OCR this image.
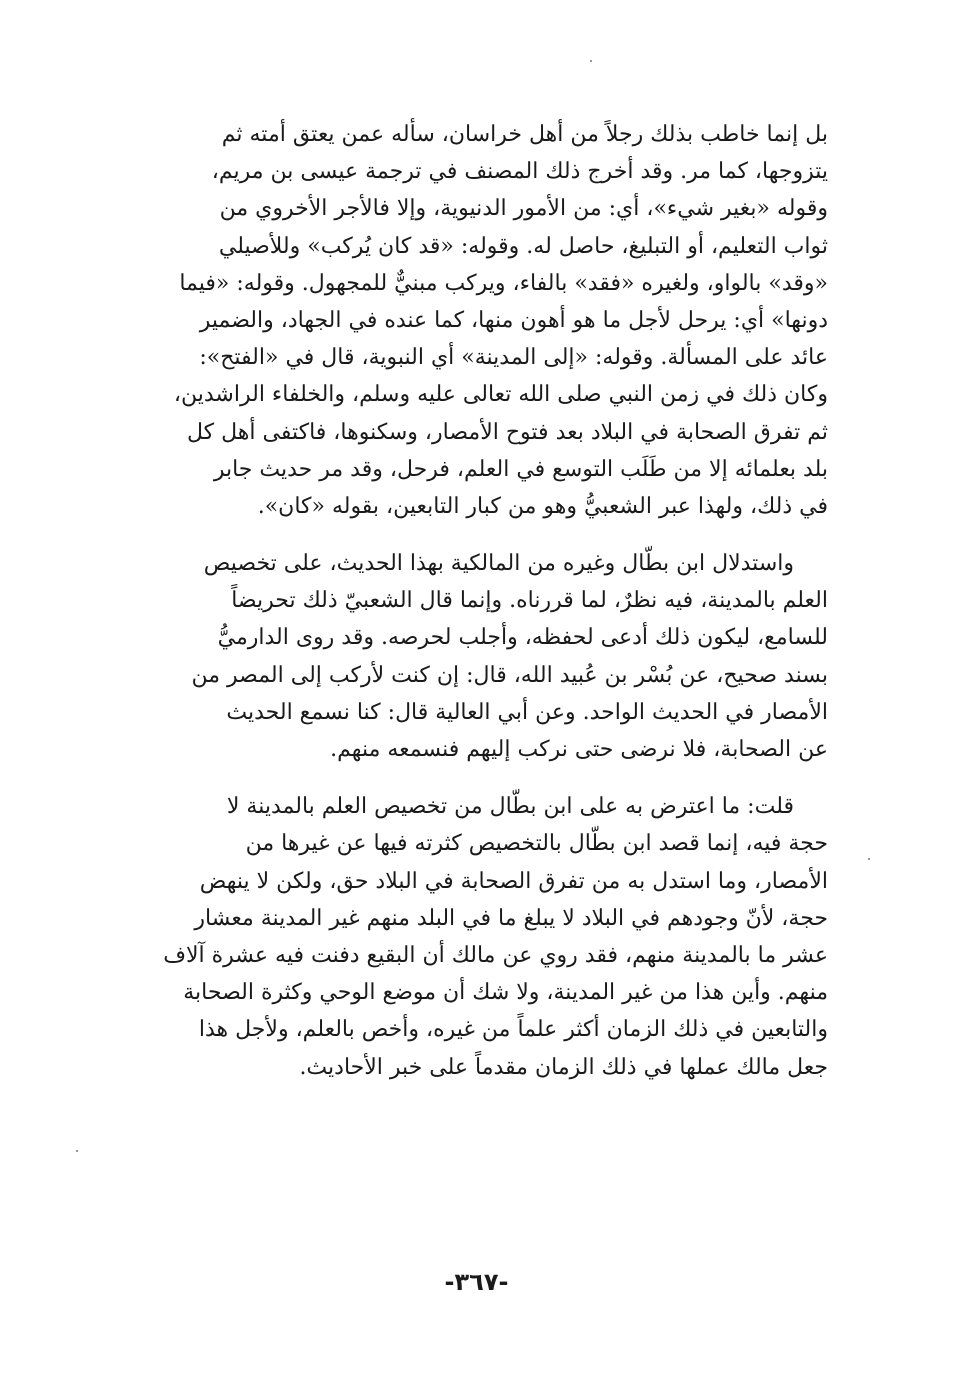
بل إنما خاطب بذلك رجلاً من أهل خراسان، سأله عمن يعتق أمته ثم
يتزوجها، كما مر. وقد أخرج ذلك المصنف في ترجمة عيسى بن مريم،
وقوله «بغير شيء»، أي: من الأمور الدنيوية، وإلا فالأجر الأخروي من
ثواب التعليم، أو التبليغ، حاصل له. وقوله: «قد كان يُركب» وللأصيلي
«وقد» بالواو، ولغيره «فقد» بالفاء، ويركب مبنيٌّ للمجهول. وقوله: «فيما
دونها» أي: يرحل لأجل ما هو أهون منها، كما عنده في الجهاد، والضمير
عائد على المسألة. وقوله: «إلى المدينة» أي النبوية، قال في «الفتح»:
وكان ذلك في زمن النبي صلى الله تعالى عليه وسلم، والخلفاء الراشدين،
ثم تفرق الصحابة في البلاد بعد فتوح الأمصار، وسكنوها، فاكتفى أهل كل
بلد بعلمائه إلا من طَلَب التوسع في العلم، فرحل، وقد مر حديث جابر
في ذلك، ولهذا عبر الشعبيُّ وهو من كبار التابعين، بقوله «كان».
واستدلال ابن بطّال وغيره من المالكية بهذا الحديث، على تخصيص
العلم بالمدينة، فيه نظرٌ، لما قررناه. وإنما قال الشعبيّ ذلك تحريضاً
للسامع، ليكون ذلك أدعى لحفظه، وأجلب لحرصه. وقد روى الدارميُّ
بسند صحيح، عن بُسْر بن عُبيد الله، قال: إن كنت لأركب إلى المصر من
الأمصار في الحديث الواحد. وعن أبي العالية قال: كنا نسمع الحديث
عن الصحابة، فلا نرضى حتى نركب إليهم فنسمعه منهم.
قلت: ما اعترض به على ابن بطّال من تخصيص العلم بالمدينة لا
حجة فيه، إنما قصد ابن بطّال بالتخصيص كثرته فيها عن غيرها من
الأمصار، وما استدل به من تفرق الصحابة في البلاد حق، ولكن لا ينهض
حجة، لأنّ وجودهم في البلاد لا يبلغ ما في البلد منهم غير المدينة معشار
عشر ما بالمدينة منهم، فقد روي عن مالك أن البقيع دفنت فيه عشرة آلاف
منهم. وأين هذا من غير المدينة، ولا شك أن موضع الوحي وكثرة الصحابة
والتابعين في ذلك الزمان أكثر علماً من غيره، وأخص بالعلم، ولأجل هذا
جعل مالك عملها في ذلك الزمان مقدماً على خبر الأحاديث.
-٣٦٧-
